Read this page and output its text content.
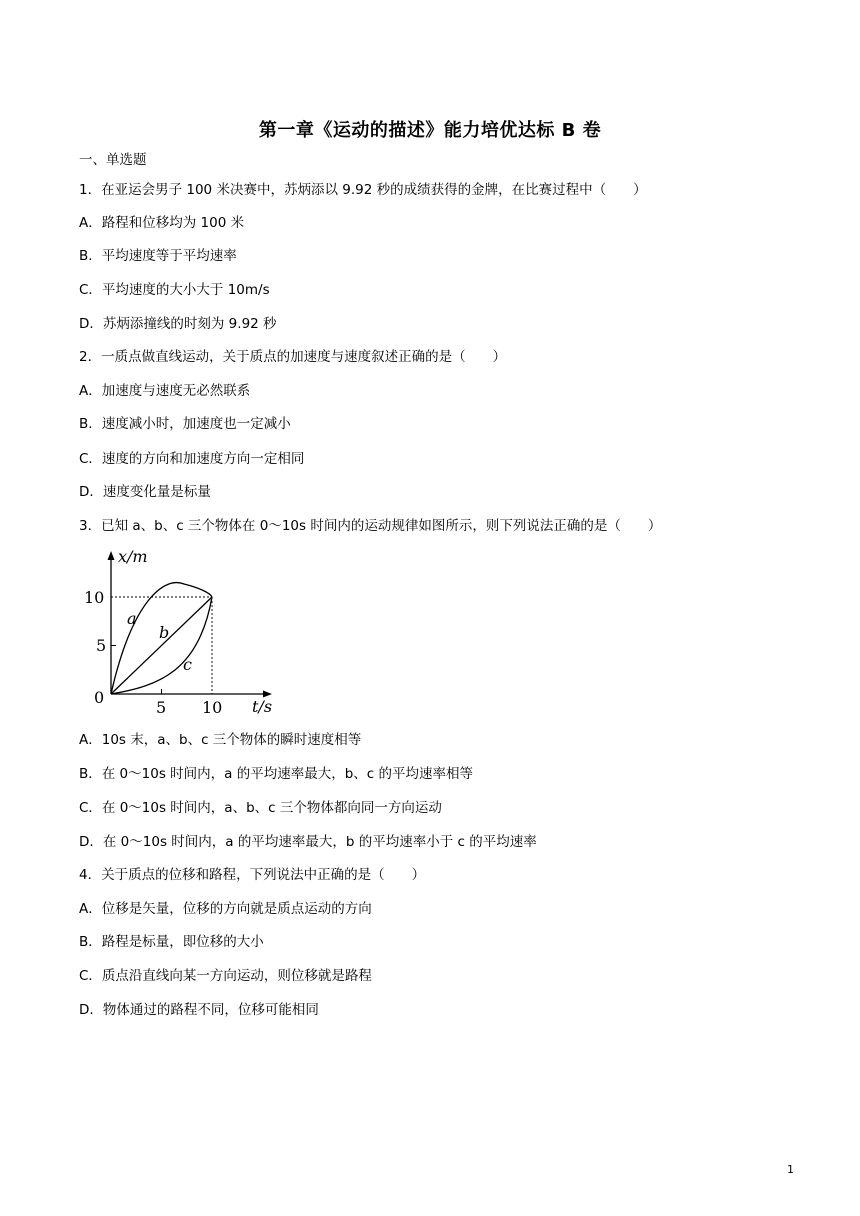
第一章《运动的描述》能力培优达标 B 卷
一、单选题
1．在亚运会男子 100 米决赛中，苏炳添以 9.92 秒的成绩获得的金牌，在比赛过程中（　　）
A．路程和位移均为 100 米
B．平均速度等于平均速率
C．平均速度的大小大于 10m/s
D．苏炳添撞线的时刻为 9.92 秒
2．一质点做直线运动，关于质点的加速度与速度叙述正确的是（　　）
A．加速度与速度无必然联系
B．速度减小时，加速度也一定减小
C．速度的方向和加速度方向一定相同
D．速度变化量是标量
3．已知 a、b、c 三个物体在 0～10s 时间内的运动规律如图所示，则下列说法正确的是（　　）
x/m
t/s
0
5
10
5 10
a
b
c
A．10s 末，a、b、c 三个物体的瞬时速度相等
B．在 0～10s 时间内，a 的平均速率最大，b、c 的平均速率相等
C．在 0～10s 时间内，a、b、c 三个物体都向同一方向运动
D．在 0～10s 时间内，a 的平均速率最大，b 的平均速率小于 c 的平均速率
4．关于质点的位移和路程，下列说法中正确的是（　　）
A．位移是矢量，位移的方向就是质点运动的方向
B．路程是标量，即位移的大小
C．质点沿直线向某一方向运动，则位移就是路程
D．物体通过的路程不同，位移可能相同
1
